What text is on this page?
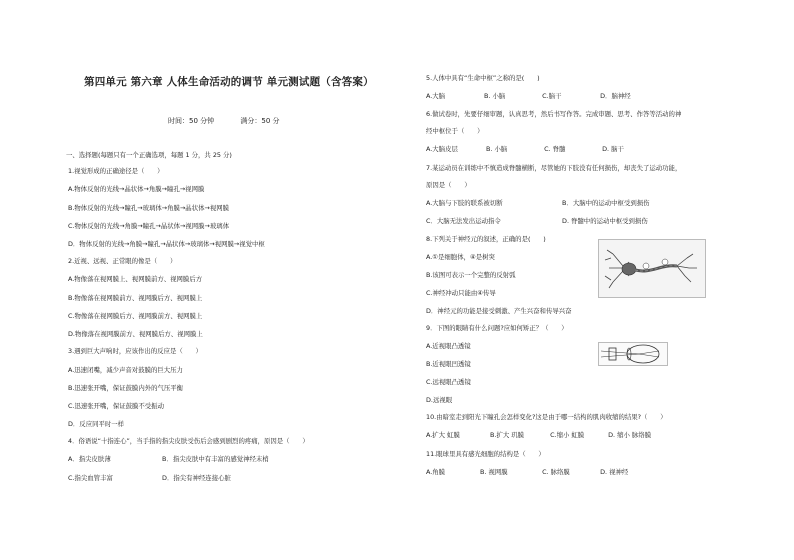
第四单元 第六章 人体生命活动的调节 单元测试题（含答案）
时间：50 分钟	满分：50 分
一、选择题(每题只有一个正确选项，每题 1 分，共 25 分)
1.视觉形成的正确途径是（　　）
A.物体反射的光线→晶状体→角膜→瞳孔→视网膜
B.物体反射的光线→瞳孔→玻璃体→角膜→晶状体→视网膜
C.物体反射的光线→角膜→瞳孔→晶状体→视网膜→玻璃体
D．物体反射的光线→角膜→瞳孔→晶状体→玻璃体→视网膜→视觉中枢
2.近视、远视、正常眼的像是（　　）
A.物像落在视网膜上、视网膜前方、视网膜后方
B.物像落在视网膜前方、视网膜后方、视网膜上
C.物像落在视网膜后方、视网膜前方、视网膜上
D.物像落在视网膜前方、视网膜后方、视网膜上
3.遇到巨大声响时，应该作出的反应是（　　）
A.迅速闭嘴，减少声音对鼓膜的巨大压力
B.迅速张开嘴，保证鼓膜内外的气压平衡
C.迅速张开嘴，保证鼓膜不受振动
D．反应同平时一样
4．俗语说“十指连心”，当手指的指尖皮肤受伤后会感到剧烈的疼痛，原因是（　　）
A．指尖皮肤薄	B．指尖皮肤中有丰富的感觉神经末梢
C.指尖血管丰富	D．指尖有神经连接心脏
5.人体中具有“生命中枢”之称的是(　　)
A.大脑	B. 小脑	C.脑干	D．脑神经
6.做试卷时，先要仔细审题，认真思考，然后书写作答。完成审题、思考、作答等活动的神
经中枢位于（　　）
A.大脑皮层	B. 小脑	C. 脊髓	D. 脑干
7.某运动员在训练中不慎造成脊髓横断，尽管她的下肢没有任何损伤，却丧失了运动功能，
原因是（　　）
A.大脑与下肢的联系被切断	B．大脑中的运动中枢受到损伤
C．大脑无法发出运动指令	D. 脊髓中的运动中枢受到损伤
8.下列关于神经元的叙述，正确的是(　　)
A.①是细胞体，④是树突
B.该图可表示一个完整的反射弧
C.神经冲动只能由④传导
D．神经元的功能是接受刺激、产生兴奋和传导兴奋
9．下图的眼睛有什么问题?应如何矫正？（　　）
A.近视眼凸透镜
B.近视眼凹透镜
C.远视眼凸透镜
D.远视眼
10.由暗室走到阳光下瞳孔会怎样变化?这是由于哪一结构的肌肉收缩的结果?（　　）
A.扩大 虹膜	B.扩大 玑膜	C.缩小 虹膜	D. 缩小 脉络膜
11.眼球里具有感光细胞的结构是（　　）
A.角膜	B. 视网膜	C. 脉络膜	D. 视神经
